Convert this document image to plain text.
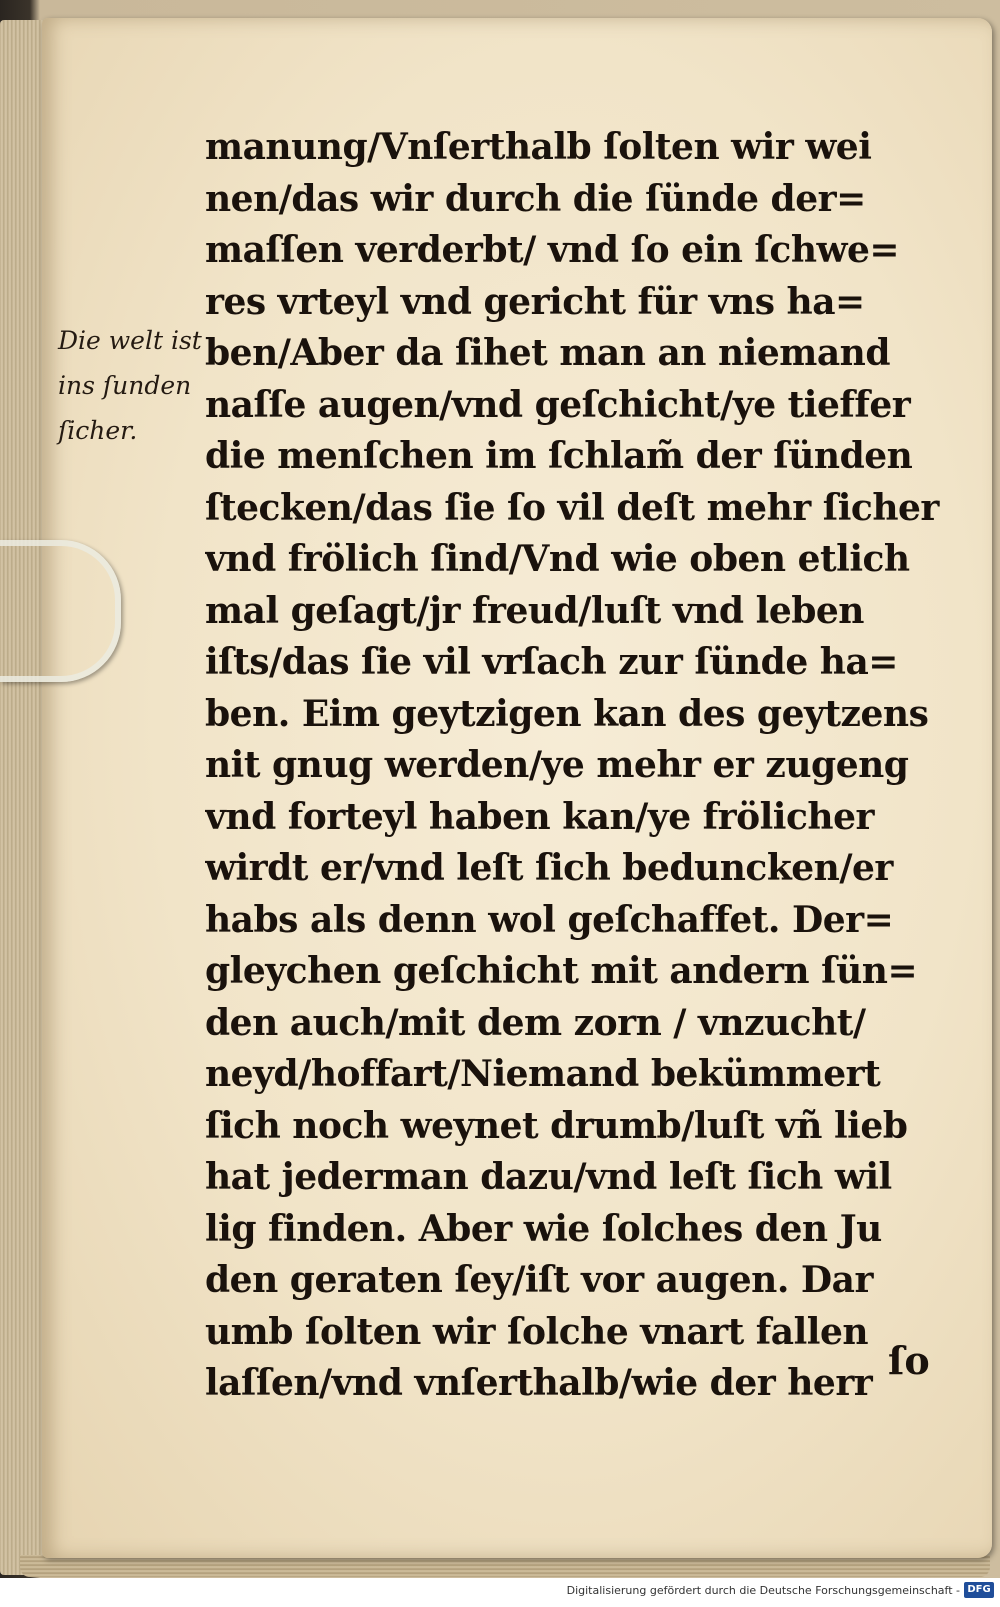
Die welt ist
ins ſunden
ſicher.
manung/Vnſerthalb ſolten wir wei
nen/das wir durch die ſünde der=
maſſen verderbt/ vnd ſo ein ſchwe=
res vrteyl vnd gericht für vns ha=
ben/Aber da ſihet man an niemand
naſſe augen/vnd geſchicht/ye tieffer
die menſchen im ſchlam̃ der ſünden
ſtecken/das ſie ſo vil deſt mehr ſicher
vnd frölich ſind/Vnd wie oben etlich
mal geſagt/jr freud/luſt vnd leben
iſts/das ſie vil vrſach zur ſünde ha=
ben. Eim geytzigen kan des geytzens
nit gnug werden/ye mehr er zugeng
vnd forteyl haben kan/ye frölicher
wirdt er/vnd leſt ſich beduncken/er
habs als denn wol geſchaffet. Der=
gleychen geſchicht mit andern ſün=
den auch/mit dem zorn / vnzucht/
neyd/hoffart/Niemand bekümmert
ſich noch weynet drumb/luſt vñ lieb
hat jederman dazu/vnd leſt ſich wil
lig finden. Aber wie ſolches den Ju
den geraten ſey/iſt vor augen. Dar
umb ſolten wir ſolche vnart fallen
laſſen/vnd vnſerthalb/wie der herr ſo
Digitalisierung gefördert durch die Deutsche Forschungsgemeinschaft - DFG
